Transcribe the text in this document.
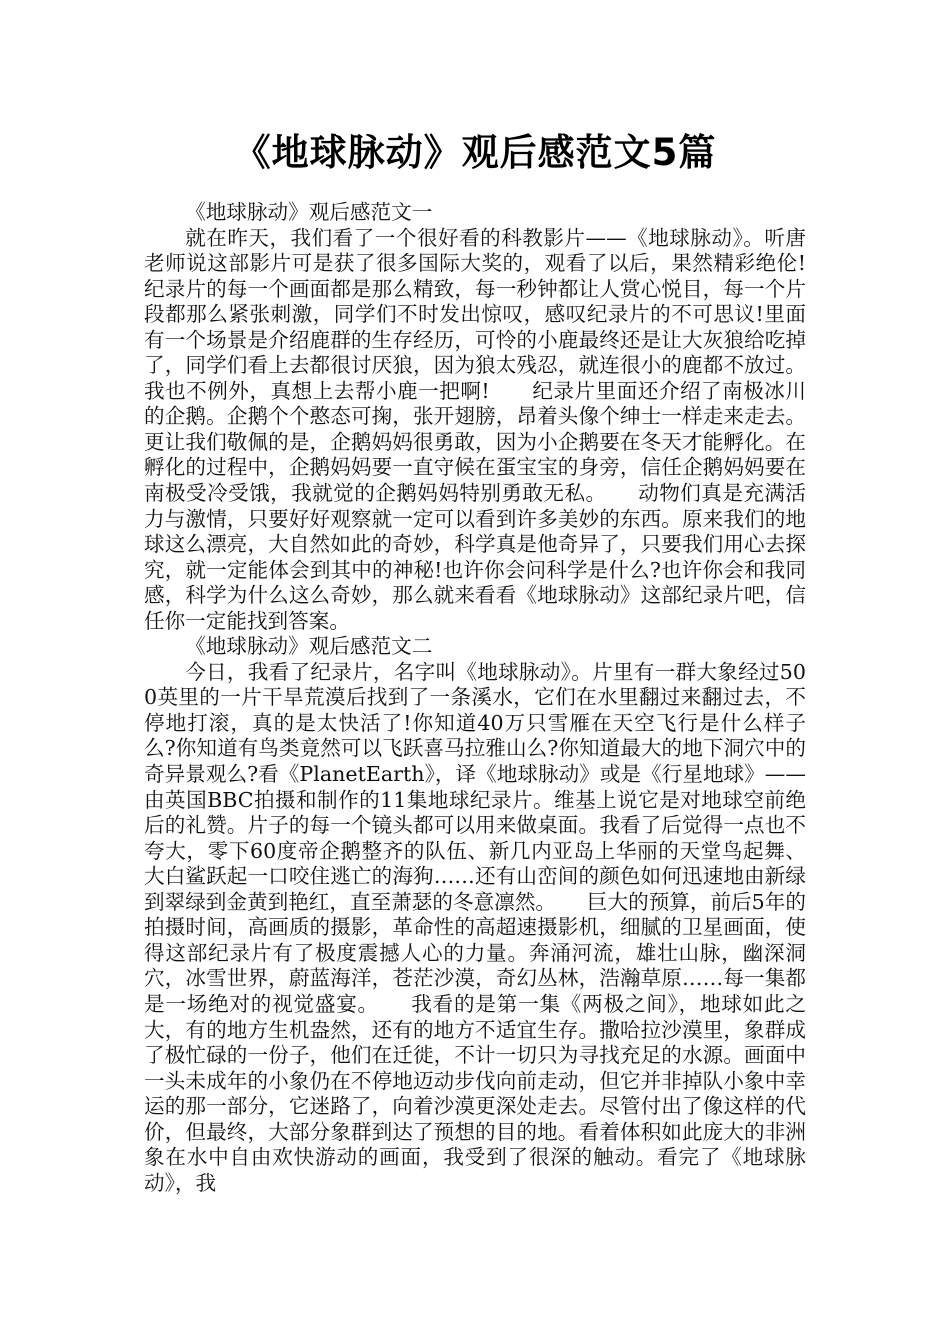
《地球脉动》观后感范文5篇

《地球脉动》观后感范文一

就在昨天，我们看了一个很好看的科教影片——《地球脉动》。听唐老师说这部影片可是获了很多国际大奖的，观看了以后，果然精彩绝伦!纪录片的每一个画面都是那么精致，每一秒钟都让人赏心悦目，每一个片段都那么紧张刺激，同学们不时发出惊叹，感叹纪录片的不可思议!里面有一个场景是介绍鹿群的生存经历，可怜的小鹿最终还是让大灰狼给吃掉了，同学们看上去都很讨厌狼，因为狼太残忍，就连很小的鹿都不放过。我也不例外，真想上去帮小鹿一把啊!　　纪录片里面还介绍了南极冰川的企鹅。企鹅个个憨态可掬，张开翅膀，昂着头像个绅士一样走来走去。更让我们敬佩的是，企鹅妈妈很勇敢，因为小企鹅要在冬天才能孵化。在孵化的过程中，企鹅妈妈要一直守候在蛋宝宝的身旁，信任企鹅妈妈要在南极受冷受饿，我就觉的企鹅妈妈特别勇敢无私。　　动物们真是充满活力与激情，只要好好观察就一定可以看到许多美妙的东西。原来我们的地球这么漂亮，大自然如此的奇妙，科学真是他奇异了，只要我们用心去探究，就一定能体会到其中的神秘!也许你会问科学是什么?也许你会和我同感，科学为什么这么奇妙，那么就来看看《地球脉动》这部纪录片吧，信任你一定能找到答案。

《地球脉动》观后感范文二

今日，我看了纪录片，名字叫《地球脉动》。片里有一群大象经过500英里的一片干旱荒漠后找到了一条溪水，它们在水里翻过来翻过去，不停地打滚，真的是太快活了!你知道40万只雪雁在天空飞行是什么样子么?你知道有鸟类竟然可以飞跃喜马拉雅山么?你知道最大的地下洞穴中的奇异景观么?看《PlanetEarth》，译《地球脉动》或是《行星地球》——由英国BBC拍摄和制作的11集地球纪录片。维基上说它是对地球空前绝后的礼赞。片子的每一个镜头都可以用来做桌面。我看了后觉得一点也不夸大，零下60度帝企鹅整齐的队伍、新几内亚岛上华丽的天堂鸟起舞、大白鲨跃起一口咬住逃亡的海狗……还有山峦间的颜色如何迅速地由新绿到翠绿到金黄到艳红，直至萧瑟的冬意凛然。　　巨大的预算，前后5年的拍摄时间，高画质的摄影，革命性的高超速摄影机，细腻的卫星画面，使得这部纪录片有了极度震撼人心的力量。奔涌河流，雄壮山脉，幽深洞穴，冰雪世界，蔚蓝海洋，苍茫沙漠，奇幻丛林，浩瀚草原……每一集都是一场绝对的视觉盛宴。　　我看的是第一集《两极之间》，地球如此之大，有的地方生机盎然，还有的地方不适宜生存。撒哈拉沙漠里，象群成了极忙碌的一份子，他们在迁徙，不计一切只为寻找充足的水源。画面中一头未成年的小象仍在不停地迈动步伐向前走动，但它并非掉队小象中幸运的那一部分，它迷路了，向着沙漠更深处走去。尽管付出了像这样的代价，但最终，大部分象群到达了预想的目的地。看着体积如此庞大的非洲象在水中自由欢快游动的画面，我受到了很深的触动。看完了《地球脉动》，我
